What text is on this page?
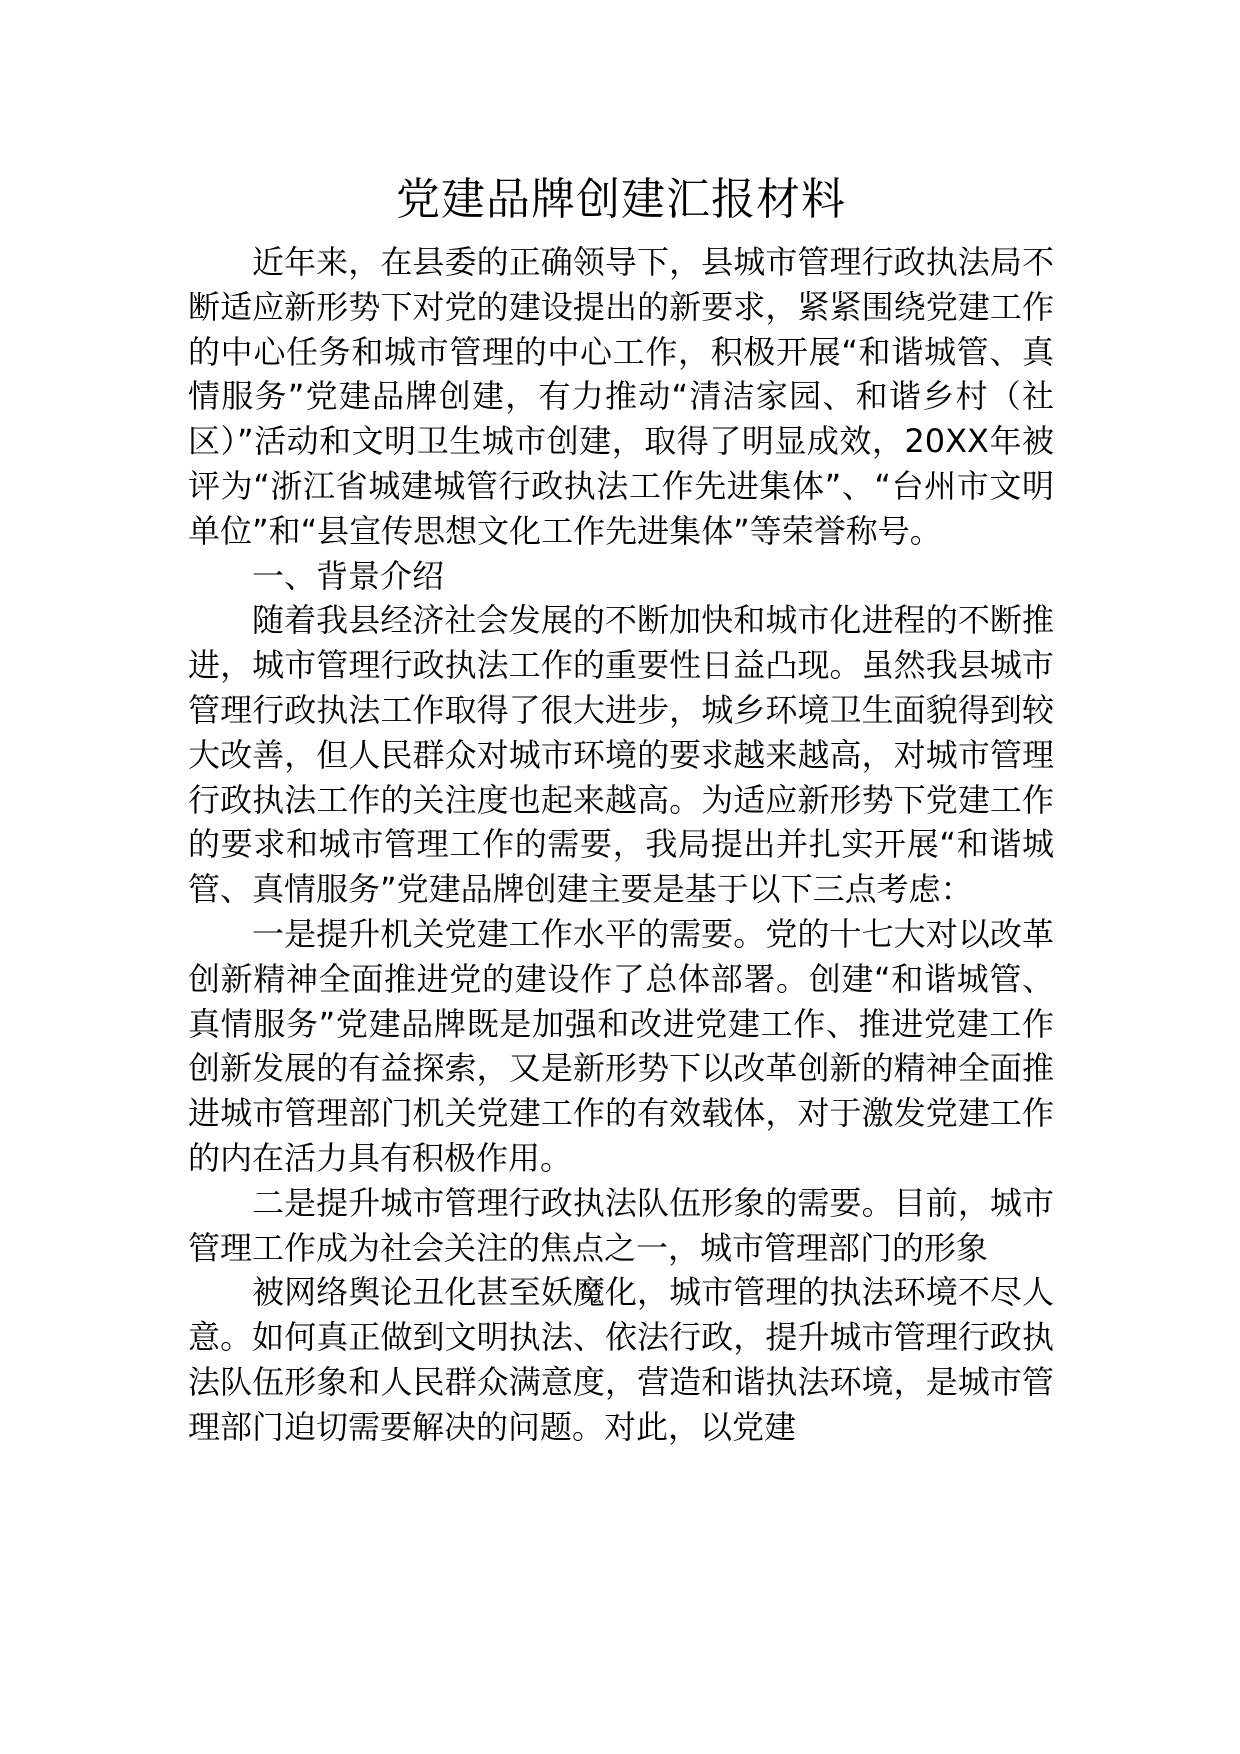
党建品牌创建汇报材料

近年来，在县委的正确领导下，县城市管理行政执法局不断适应新形势下对党的建设提出的新要求，紧紧围绕党建工作的中心任务和城市管理的中心工作，积极开展“和谐城管、真情服务”党建品牌创建，有力推动“清洁家园、和谐乡村（社区）”活动和文明卫生城市创建，取得了明显成效，20XX年被评为“浙江省城建城管行政执法工作先进集体”、“台州市文明单位”和“县宣传思想文化工作先进集体”等荣誉称号。

一、背景介绍

随着我县经济社会发展的不断加快和城市化进程的不断推进，城市管理行政执法工作的重要性日益凸现。虽然我县城市管理行政执法工作取得了很大进步，城乡环境卫生面貌得到较大改善，但人民群众对城市环境的要求越来越高，对城市管理行政执法工作的关注度也起来越高。为适应新形势下党建工作的要求和城市管理工作的需要，我局提出并扎实开展“和谐城管、真情服务”党建品牌创建主要是基于以下三点考虑：

一是提升机关党建工作水平的需要。党的十七大对以改革创新精神全面推进党的建设作了总体部署。创建“和谐城管、真情服务”党建品牌既是加强和改进党建工作、推进党建工作创新发展的有益探索，又是新形势下以改革创新的精神全面推进城市管理部门机关党建工作的有效载体，对于激发党建工作的内在活力具有积极作用。

二是提升城市管理行政执法队伍形象的需要。目前，城市管理工作成为社会关注的焦点之一，城市管理部门的形象

被网络舆论丑化甚至妖魔化，城市管理的执法环境不尽人意。如何真正做到文明执法、依法行政，提升城市管理行政执法队伍形象和人民群众满意度，营造和谐执法环境，是城市管理部门迫切需要解决的问题。对此，以党建
